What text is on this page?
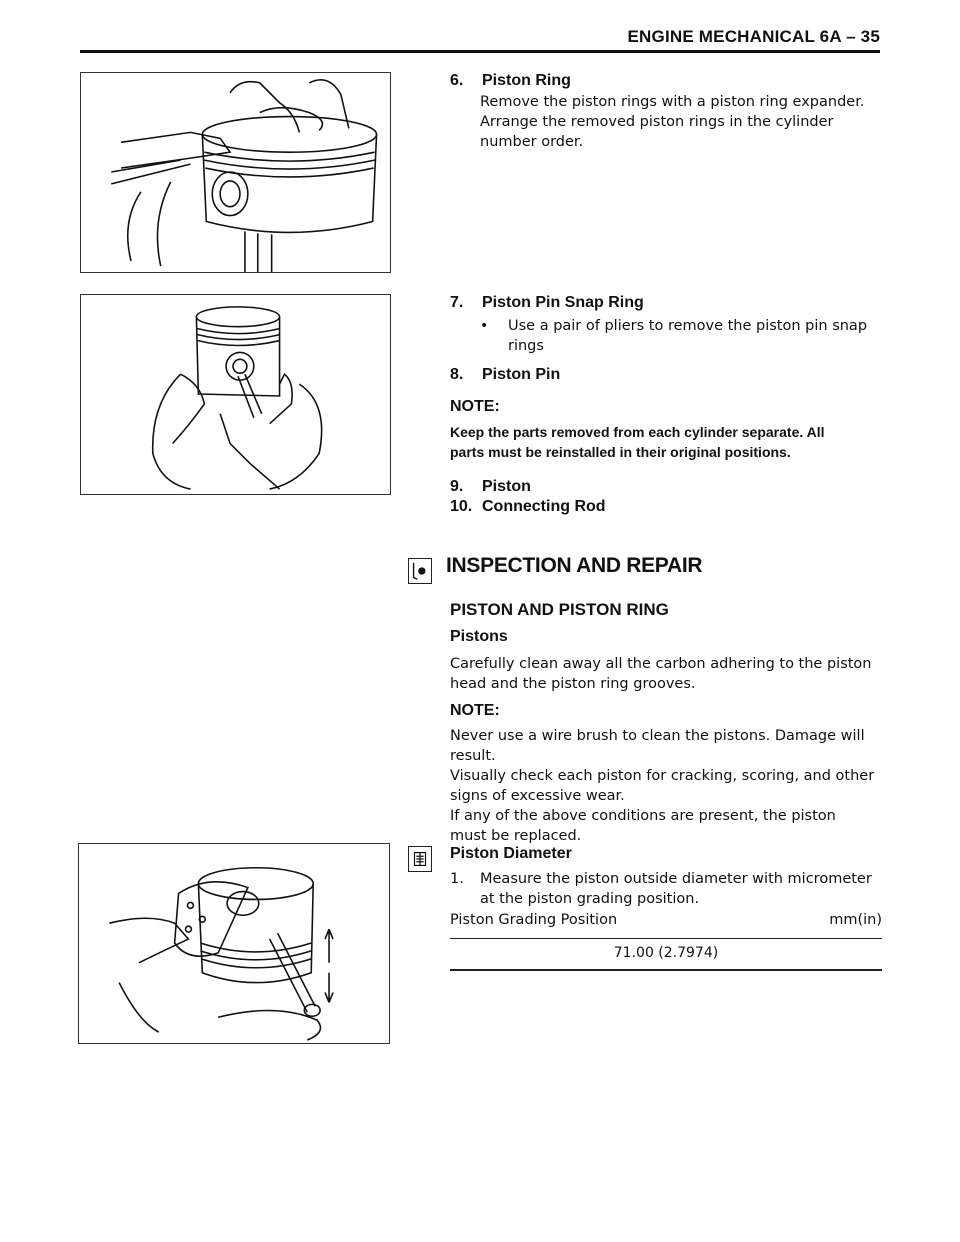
ENGINE MECHANICAL 6A – 35
6. Piston Ring
Remove the piston rings with a piston ring expander.
Arrange the removed piston rings in the cylinder
number order.
7. Piston Pin Snap Ring
•	Use a pair of pliers to remove the piston pin snap
rings
8. Piston Pin
NOTE:
Keep the parts removed from each cylinder separate. All
parts must be reinstalled in their original positions.
9. Piston
10. Connecting Rod
INSPECTION AND REPAIR
PISTON AND PISTON RING
Pistons
Carefully clean away all the carbon adhering to the piston
head and the piston ring grooves.
NOTE:
Never use a wire brush to clean the pistons. Damage will
result.
Visually check each piston for cracking, scoring, and other
signs of excessive wear.
If any of the above conditions are present, the piston
must be replaced.
Piston Diameter
1.	Measure the piston outside diameter with micrometer
at the piston grading position.
Piston Grading Position	mm(in)
71.00 (2.7974)
